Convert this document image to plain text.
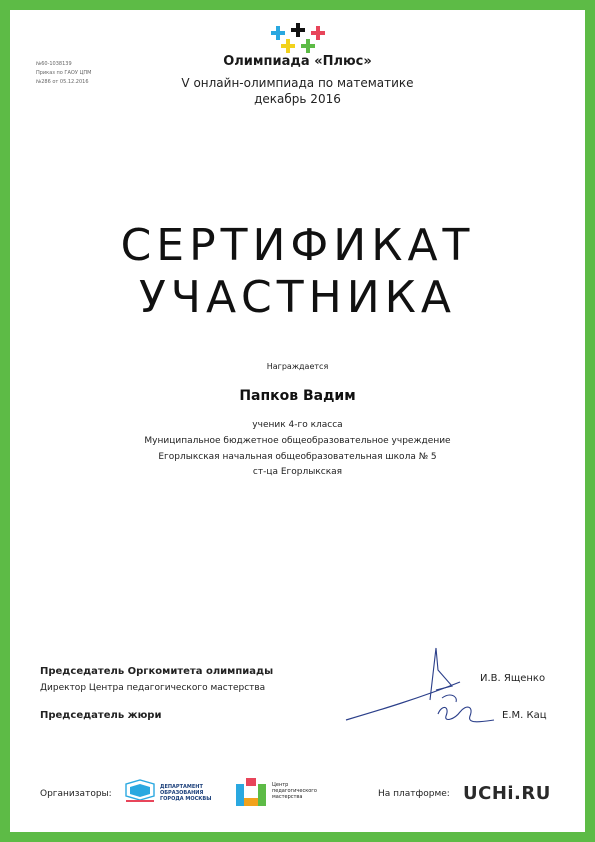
№60-1038139
Приказ по ГАОУ ЦПМ
№286 от 05.12.2016
Олимпиада «Плюс»
V онлайн-олимпиада по математике
декабрь 2016
СЕРТИФИКАТ
УЧАСТНИКА
Награждается
Папков Вадим
ученик 4-го класса
Муниципальное бюджетное общеобразовательное учреждение
Егорлыкская начальная общеобразовательная школа № 5
ст-ца Егорлыкская
Председатель Оргкомитета олимпиады
Директор Центра педагогического мастерства
Председатель жюри
И.В. Ященко
Е.М. Кац
Организаторы:
ДЕПАРТАМЕНТ
ОБРАЗОВАНИЯ
ГОРОДА МОСКВЫ
Центр
педагогического
мастерства	На платформе: UCHi.RU
